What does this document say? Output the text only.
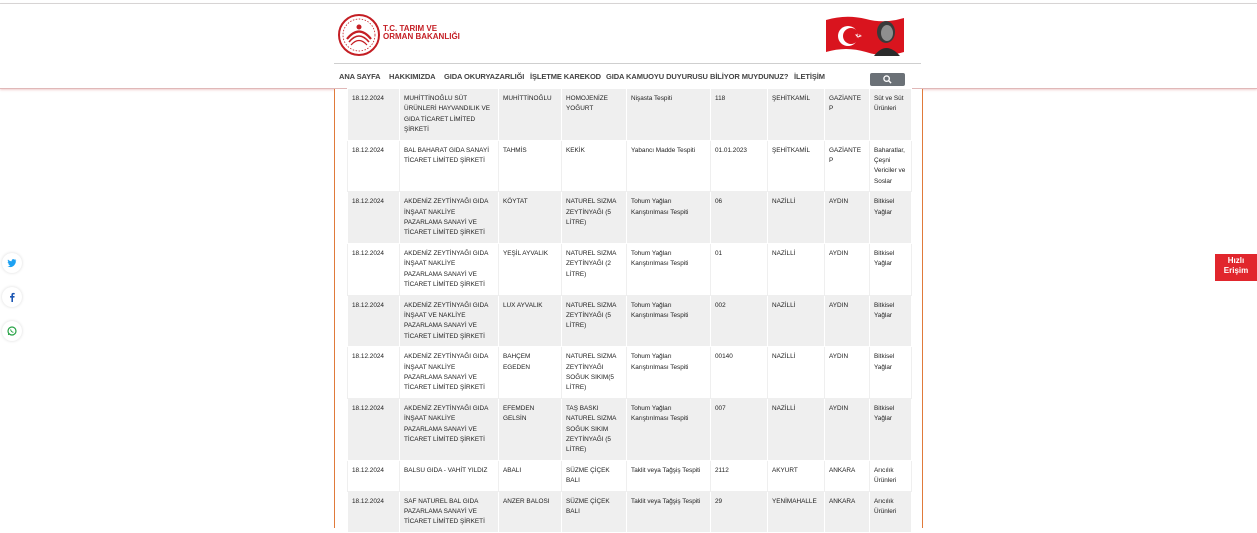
T.C. TARIM VE
ORMAN BAKANLIĞI
ANA SAYFA HAKKIMIZDA GIDA OKURYAZARLIĞI İŞLETME KAREKOD GIDA KAMUOYU DUYURUSU BİLİYOR MUYDUNUZ? İLETİŞİM
18.12.2024	MUHİTTİNOĞLU SÜT ÜRÜNLERİ HAYVANDILIK VE GIDA TİCARET LİMİTED ŞİRKETİ	MUHİTTİNOĞLU	HOMOJENİZE YOĞURT	Nişasta Tespiti	118	ŞEHİTKAMİL	GAZİANTEP	Süt ve Süt Ürünleri
18.12.2024	BAL BAHARAT GIDA SANAYİ TİCARET LİMİTED ŞİRKETİ	TAHMİS	KEKİK	Yabancı Madde Tespiti	01.01.2023	ŞEHİTKAMİL	GAZİANTEP	Baharatlar, Çeşni Vericiler ve Soslar
18.12.2024	AKDENİZ ZEYTİNYAĞI GIDA İNŞAAT NAKLİYE PAZARLAMA SANAYİ VE TİCARET LİMİTED ŞİRKETİ	KÖYTAT	NATUREL SIZMA ZEYTİNYAĞI (5 LİTRE)	Tohum Yağları Karıştırılması Tespiti	06	NAZİLLİ	AYDIN	Bitkisel Yağlar
18.12.2024	AKDENİZ ZEYTİNYAĞI GIDA İNŞAAT NAKLİYE PAZARLAMA SANAYİ VE TİCARET LİMİTED ŞİRKETİ	YEŞİL AYVALIK	NATUREL SIZMA ZEYTİNYAĞI (2 LİTRE)	Tohum Yağları Karıştırılması Tespiti	01	NAZİLLİ	AYDIN	Bitkisel Yağlar
18.12.2024	AKDENİZ ZEYTİNYAĞI GIDA İNŞAAT VE NAKLİYE PAZARLAMA SANAYİ VE TİCARET LİMİTED ŞİRKETİ	LUX AYVALIK	NATUREL SIZMA ZEYTİNYAĞI (5 LİTRE)	Tohum Yağları Karıştırılması Tespiti	002	NAZİLLİ	AYDIN	Bitkisel Yağlar
18.12.2024	AKDENİZ ZEYTİNYAĞI GIDA İNŞAAT NAKLİYE PAZARLAMA SANAYİ VE TİCARET LİMİTED ŞİRKETİ	BAHÇEM EGEDEN	NATUREL SIZMA ZEYTİNYAĞI SOĞUK SIKIM(5 LİTRE)	Tohum Yağları Karıştırılması Tespiti	00140	NAZİLLİ	AYDIN	Bitkisel Yağlar
18.12.2024	AKDENİZ ZEYTİNYAĞI GIDA İNŞAAT NAKLİYE PAZARLAMA SANAYİ VE TİCARET LİMİTED ŞİRKETİ	EFEMDEN GELSİN	TAŞ BASKI NATUREL SIZMA SOĞUK SIKIM ZEYTİNYAĞI (5 LİTRE)	Tohum Yağları Karıştırılması Tespiti	007	NAZİLLİ	AYDIN	Bitkisel Yağlar
18.12.2024	BALSU GIDA - VAHİT YILDIZ	ABALI	SÜZME ÇİÇEK BALI	Taklit veya Tağşiş Tespiti	2112	AKYURT	ANKARA	Arıcılık Ürünleri
18.12.2024	SAF NATUREL BAL GIDA PAZARLAMA SANAYİ VE TİCARET LİMİTED ŞİRKETİ	ANZER BALOSI	SÜZME ÇİÇEK BALI	Taklit veya Tağşiş Tespiti	29	YENİMAHALLE	ANKARA	Arıcılık Ürünleri
Hızlı
Erişim
